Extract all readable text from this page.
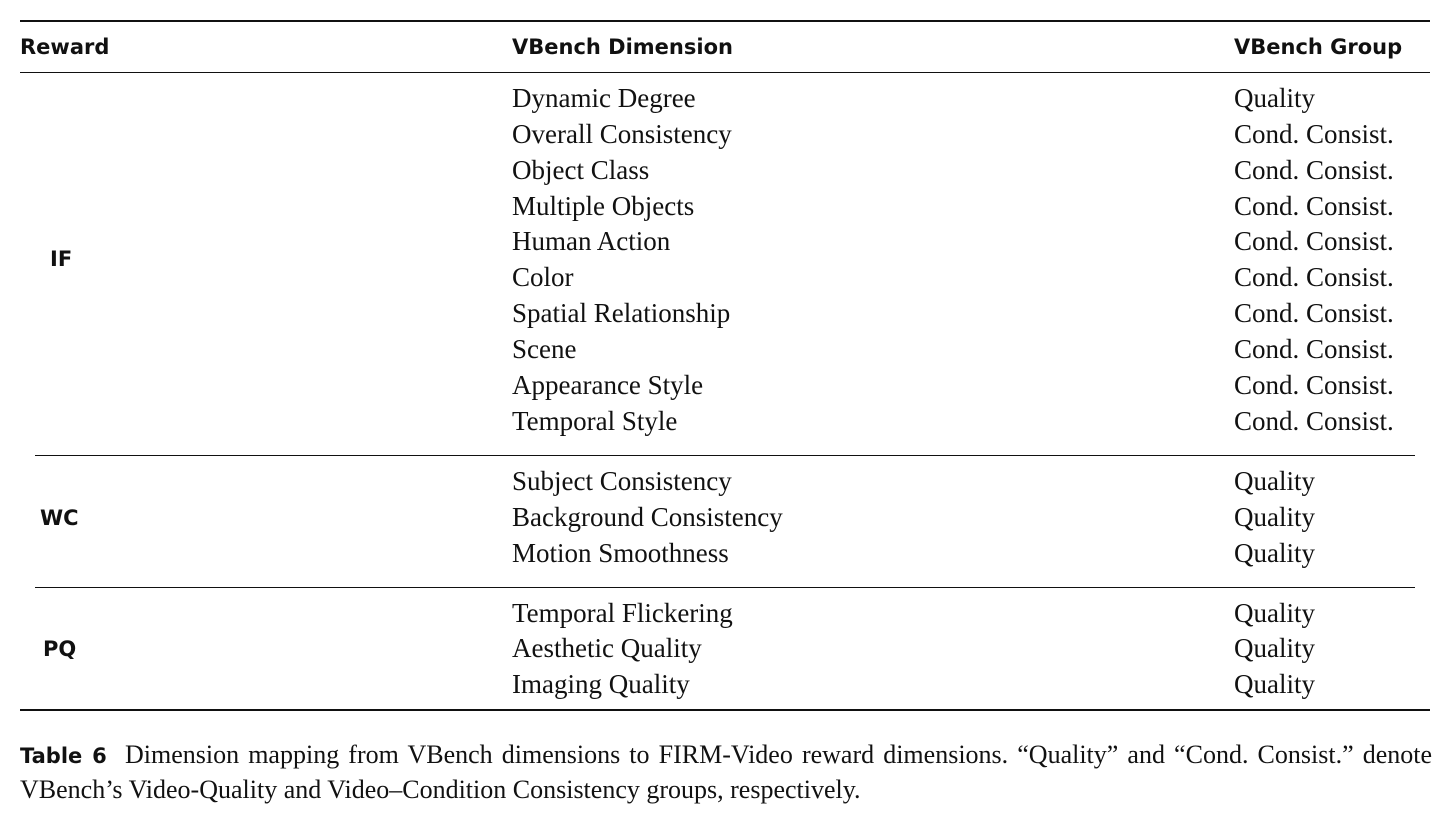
Reward	VBench Dimension	VBench Group
IF
Dynamic Degree	Quality
Overall Consistency	Cond. Consist.
Object Class	Cond. Consist.
Multiple Objects	Cond. Consist.
Human Action	Cond. Consist.
Color	Cond. Consist.
Spatial Relationship	Cond. Consist.
Scene	Cond. Consist.
Appearance Style	Cond. Consist.
Temporal Style	Cond. Consist.
WC
Subject Consistency	Quality
Background Consistency	Quality
Motion Smoothness	Quality
PQ
Temporal Flickering	Quality
Aesthetic Quality	Quality
Imaging Quality	Quality
Table 6 Dimension mapping from VBench dimensions to FIRM-Video reward dimensions. “Quality” and “Cond. Consist.” denote VBench’s Video-Quality and Video–Condition Consistency groups, respectively.
